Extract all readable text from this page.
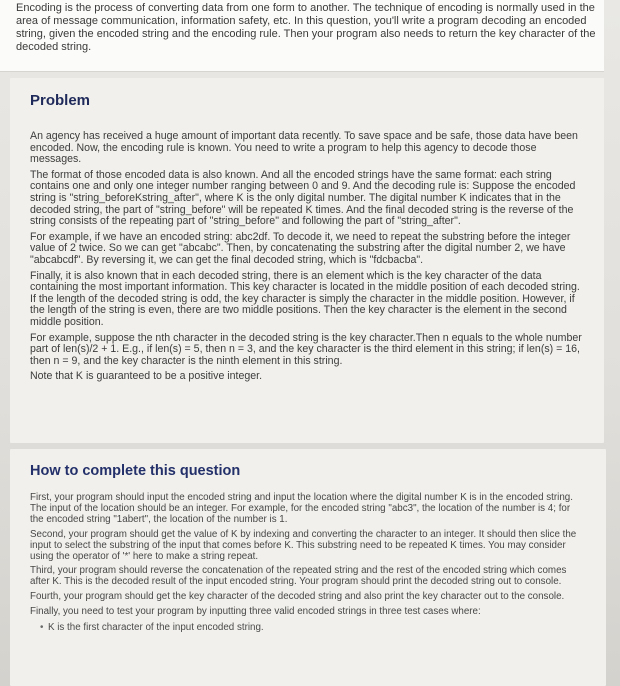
Encoding is the process of converting data from one form to another. The technique of encoding is normally used in the area of message communication, information safety, etc. In this question, you'll write a program decoding an encoded string, given the encoded string and the encoding rule. Then your program also needs to return the key character of the decoded string.

Problem

An agency has received a huge amount of important data recently. To save space and be safe, those data have been encoded. Now, the encoding rule is known. You need to write a program to help this agency to decode those messages.

The format of those encoded data is also known. And all the encoded strings have the same format: each string contains one and only one integer number ranging between 0 and 9. And the decoding rule is: Suppose the encoded string is "string_beforeKstring_after", where K is the only digital number. The digital number K indicates that in the decoded string, the part of "string_before" will be repeated K times. And the final decoded string is the reverse of the string consists of the repeating part of "string_before" and following the part of "string_after".

For example, if we have an encoded string: abc2df. To decode it, we need to repeat the substring before the integer value of 2 twice. So we can get "abcabc". Then, by concatenating the substring after the digital number 2, we have "abcabcdf". By reversing it, we can get the final decoded string, which is "fdcbacba".

Finally, it is also known that in each decoded string, there is an element which is the key character of the data containing the most important information. This key character is located in the middle position of each decoded string. If the length of the decoded string is odd, the key character is simply the character in the middle position. However, if the length of the string is even, there are two middle positions. Then the key character is the element in the second middle position.

For example, suppose the nth character in the decoded string is the key character.Then n equals to the whole number part of len(s)/2 + 1. E.g., if len(s) = 5, then n = 3, and the key character is the third element in this string; if len(s) = 16, then n = 9, and the key character is the ninth element in this string.

Note that K is guaranteed to be a positive integer.

How to complete this question

First, your program should input the encoded string and input the location where the digital number K is in the encoded string. The input of the location should be an integer. For example, for the encoded string "abc3", the location of the number is 4; for the encoded string "1abert", the location of the number is 1.

Second, your program should get the value of K by indexing and converting the character to an integer. It should then slice the input to select the substring of the input that comes before K. This substring need to be repeated K times. You may consider using the operator of '*' here to make a string repeat.

Third, your program should reverse the concatenation of the repeated string and the rest of the encoded string which comes after K. This is the decoded result of the input encoded string. Your program should print the decoded string out to console.

Fourth, your program should get the key character of the decoded string and also print the key character out to the console.

Finally, you need to test your program by inputting three valid encoded strings in three test cases where:

• K is the first character of the input encoded string.
